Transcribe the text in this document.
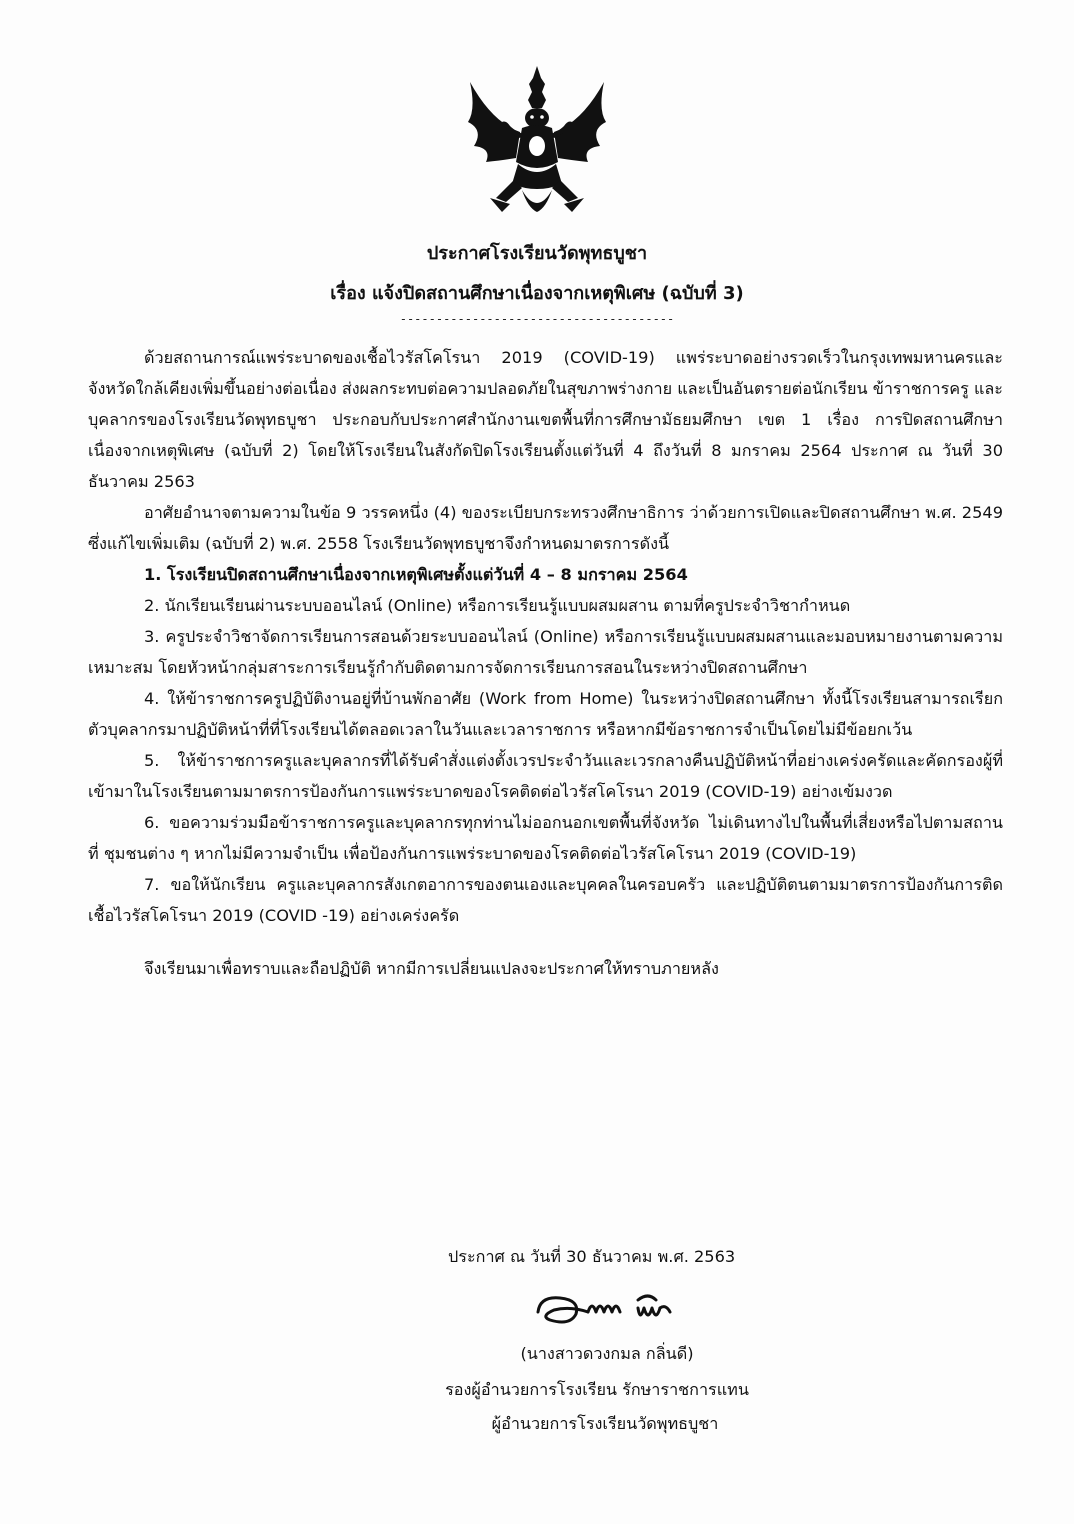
ประกาศโรงเรียนวัดพุทธบูชา
เรื่อง แจ้งปิดสถานศึกษาเนื่องจากเหตุพิเศษ (ฉบับที่ 3)
--------------------------------------

ด้วยสถานการณ์แพร่ระบาดของเชื้อไวรัสโคโรนา 2019 (COVID-19) แพร่ระบาดอย่างรวดเร็วในกรุงเทพมหานครและจังหวัดใกล้เคียงเพิ่มขึ้นอย่างต่อเนื่อง ส่งผลกระทบต่อความปลอดภัยในสุขภาพร่างกาย และเป็นอันตรายต่อนักเรียน ข้าราชการครู และบุคลากรของโรงเรียนวัดพุทธบูชา ประกอบกับประกาศสำนักงานเขตพื้นที่การศึกษามัธยมศึกษา เขต 1 เรื่อง การปิดสถานศึกษาเนื่องจากเหตุพิเศษ (ฉบับที่ 2) โดยให้โรงเรียนในสังกัดปิดโรงเรียนตั้งแต่วันที่ 4 ถึงวันที่ 8 มกราคม 2564 ประกาศ ณ วันที่ 30 ธันวาคม 2563

อาศัยอำนาจตามความในข้อ 9 วรรคหนึ่ง (4) ของระเบียบกระทรวงศึกษาธิการ ว่าด้วยการเปิดและปิดสถานศึกษา พ.ศ. 2549 ซึ่งแก้ไขเพิ่มเติม (ฉบับที่ 2) พ.ศ. 2558 โรงเรียนวัดพุทธบูชาจึงกำหนดมาตรการดังนี้

1. โรงเรียนปิดสถานศึกษาเนื่องจากเหตุพิเศษตั้งแต่วันที่ 4 – 8 มกราคม 2564

2. นักเรียนเรียนผ่านระบบออนไลน์ (Online) หรือการเรียนรู้แบบผสมผสาน ตามที่ครูประจำวิชากำหนด

3. ครูประจำวิชาจัดการเรียนการสอนด้วยระบบออนไลน์ (Online) หรือการเรียนรู้แบบผสมผสานและมอบหมายงานตามความเหมาะสม โดยหัวหน้ากลุ่มสาระการเรียนรู้กำกับติดตามการจัดการเรียนการสอนในระหว่างปิดสถานศึกษา

4. ให้ข้าราชการครูปฏิบัติงานอยู่ที่บ้านพักอาศัย (Work from Home) ในระหว่างปิดสถานศึกษา ทั้งนี้โรงเรียนสามารถเรียกตัวบุคลากรมาปฏิบัติหน้าที่ที่โรงเรียนได้ตลอดเวลาในวันและเวลาราชการ หรือหากมีข้อราชการจำเป็นโดยไม่มีข้อยกเว้น

5. ให้ข้าราชการครูและบุคลากรที่ได้รับคำสั่งแต่งตั้งเวรประจำวันและเวรกลางคืนปฏิบัติหน้าที่อย่างเคร่งครัดและคัดกรองผู้ที่เข้ามาในโรงเรียนตามมาตรการป้องกันการแพร่ระบาดของโรคติดต่อไวรัสโคโรนา 2019 (COVID-19) อย่างเข้มงวด

6. ขอความร่วมมือข้าราชการครูและบุคลากรทุกท่านไม่ออกนอกเขตพื้นที่จังหวัด ไม่เดินทางไปในพื้นที่เสี่ยงหรือไปตามสถานที่ ชุมชนต่าง ๆ หากไม่มีความจำเป็น เพื่อป้องกันการแพร่ระบาดของโรคติดต่อไวรัสโคโรนา 2019 (COVID-19)

7. ขอให้นักเรียน ครูและบุคลากรสังเกตอาการของตนเองและบุคคลในครอบครัว และปฏิบัติตนตามมาตรการป้องกันการติดเชื้อไวรัสโคโรนา 2019 (COVID -19) อย่างเคร่งครัด

จึงเรียนมาเพื่อทราบและถือปฏิบัติ หากมีการเปลี่ยนแปลงจะประกาศให้ทราบภายหลัง

ประกาศ ณ วันที่ 30 ธันวาคม พ.ศ. 2563
(นางสาวดวงกมล กลิ่นดี)
รองผู้อำนวยการโรงเรียน รักษาราชการแทน
ผู้อำนวยการโรงเรียนวัดพุทธบูชา
